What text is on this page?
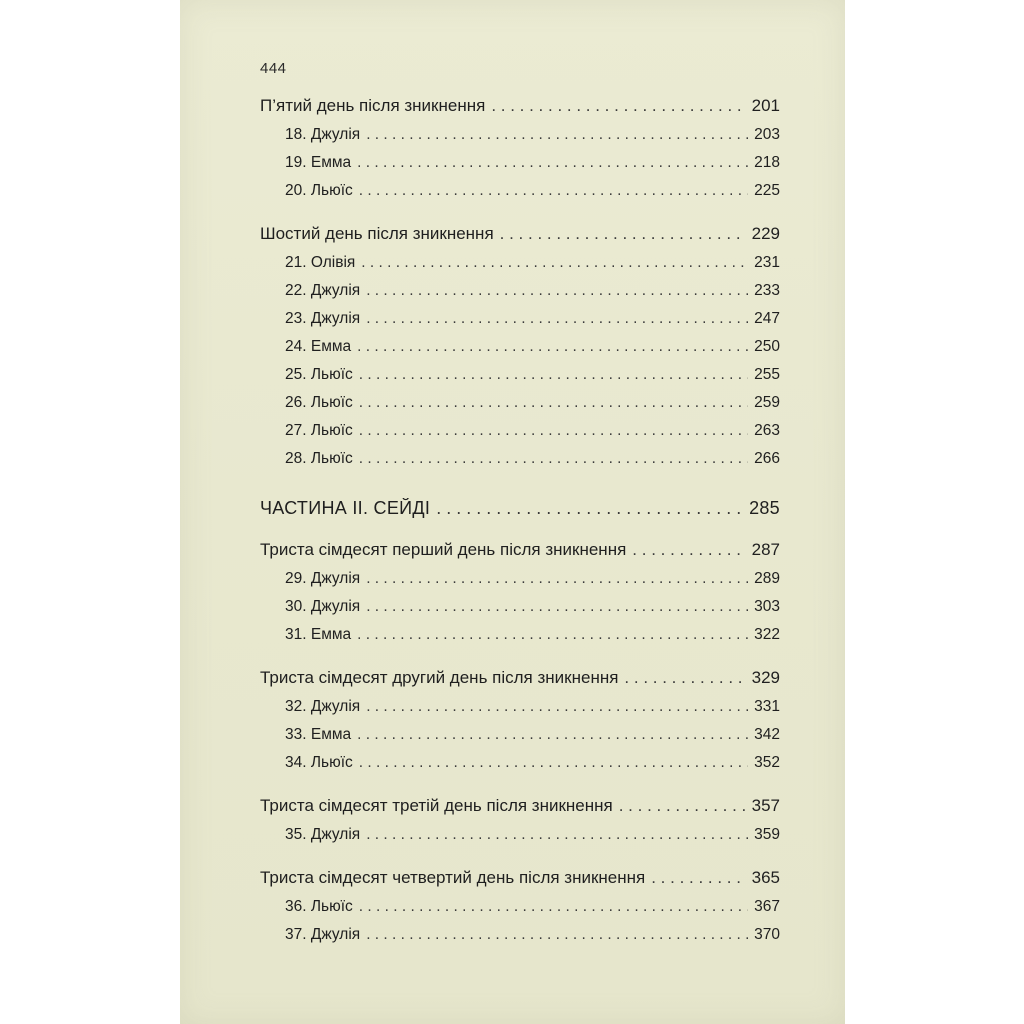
444
П’ятий день після зникнення . . .	201
18. Джулія . . .	203
19. Емма . . .	218
20. Льюїс . . .	225
Шостий день після зникнення . . .	229
21. Олівія . . .	231
22. Джулія . . .	233
23. Джулія . . .	247
24. Емма . . .	250
25. Льюїс . . .	255
26. Льюїс . . .	259
27. Льюїс . . .	263
28. Льюїс . . .	266
ЧАСТИНА ІІ. СЕЙДІ . . .	285
Триста сімдесят перший день після зникнення . . .	287
29. Джулія . . .	289
30. Джулія . . .	303
31. Емма . . .	322
Триста сімдесят другий день після зникнення . . .	329
32. Джулія . . .	331
33. Емма . . .	342
34. Льюїс . . .	352
Триста сімдесят третій день після зникнення . . .	357
35. Джулія . . .	359
Триста сімдесят четвертий день після зникнення . . .	365
36. Льюїс . . .	367
37. Джулія . . .	370
